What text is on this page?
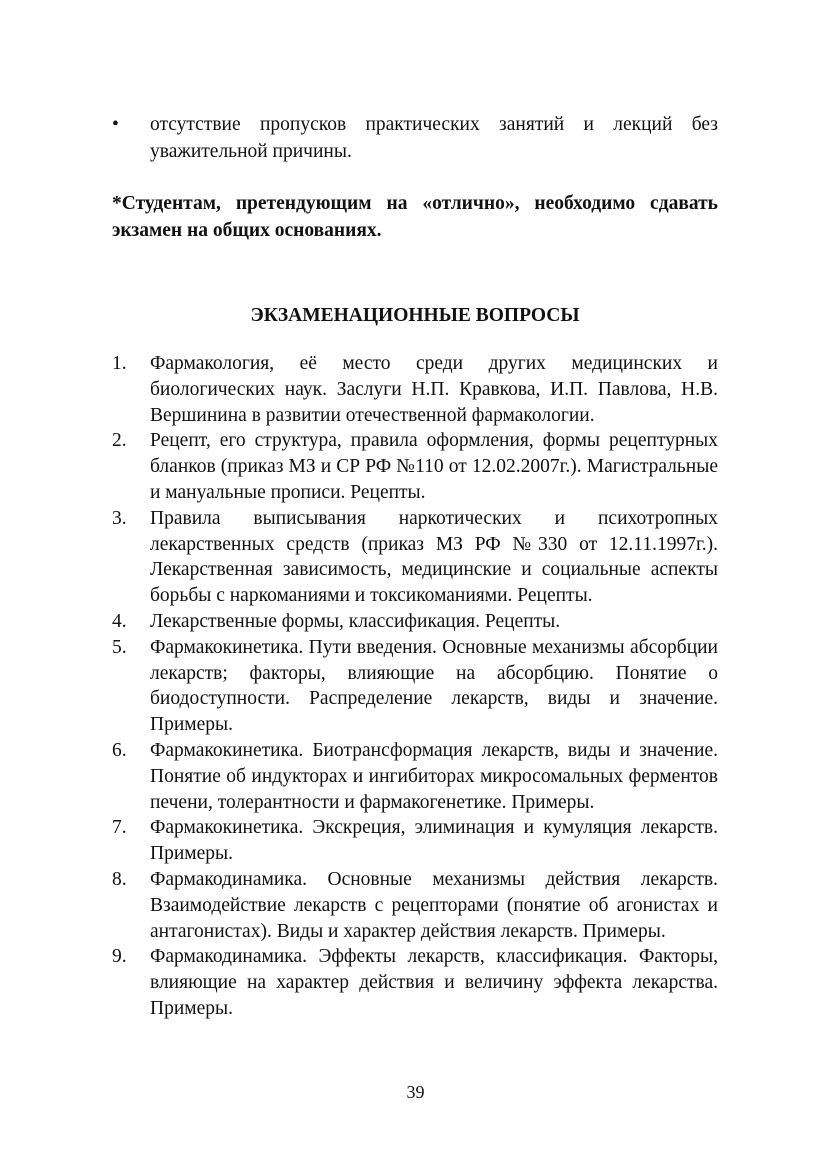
• отсутствие пропусков практических занятий и лекций без уважительной причины.
*Студентам, претендующим на «отлично», необходимо сдавать экзамен на общих основаниях.
ЭКЗАМЕНАЦИОННЫЕ ВОПРОСЫ
1. Фармакология, её место среди других медицинских и биологических наук. Заслуги Н.П. Кравкова, И.П. Павлова, Н.В. Вершинина в развитии отечественной фармакологии.
2. Рецепт, его структура, правила оформления, формы рецептурных бланков (приказ МЗ и СР РФ №110 от 12.02.2007г.). Магистральные и мануальные прописи. Рецепты.
3. Правила выписывания наркотических и психотропных лекарственных средств (приказ МЗ РФ №330 от 12.11.1997г.). Лекарственная зависимость, медицинские и социальные аспекты борьбы с наркоманиями и токсикоманиями. Рецепты.
4. Лекарственные формы, классификация. Рецепты.
5. Фармакокинетика. Пути введения. Основные механизмы абсорбции лекарств; факторы, влияющие на абсорбцию. Понятие о биодоступности. Распределение лекарств, виды и значение. Примеры.
6. Фармакокинетика. Биотрансформация лекарств, виды и значение. Понятие об индукторах и ингибиторах микросомальных ферментов печени, толерантности и фармакогенетике. Примеры.
7. Фармакокинетика. Экскреция, элиминация и кумуляция лекарств. Примеры.
8. Фармакодинамика. Основные механизмы действия лекарств. Взаимодействие лекарств с рецепторами (понятие об агонистах и антагонистах). Виды и характер действия лекарств. Примеры.
9. Фармакодинамика. Эффекты лекарств, классификация. Факторы, влияющие на характер действия и величину эффекта лекарства. Примеры.
39
